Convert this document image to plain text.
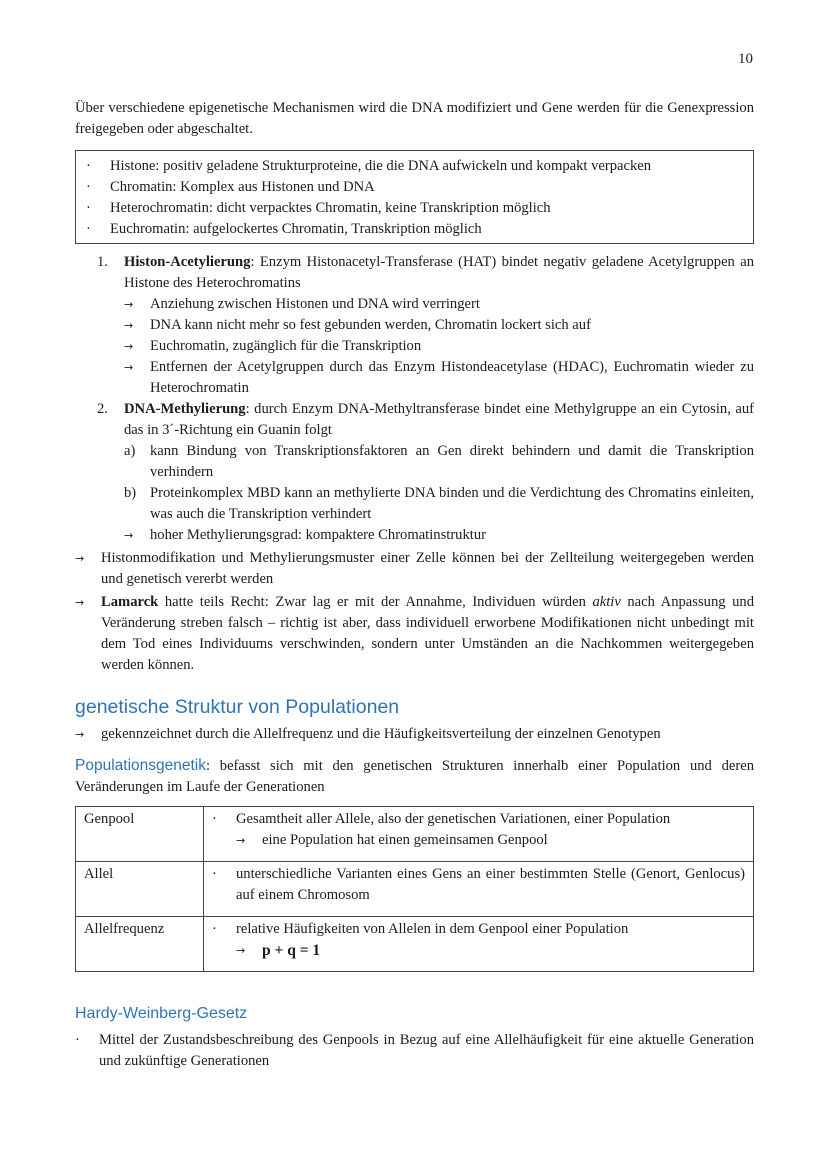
10

Über verschiedene epigenetische Mechanismen wird die DNA modifiziert und Gene werden für die Genexpression freigegeben oder abgeschaltet.

·	Histone: positiv geladene Strukturproteine, die die DNA aufwickeln und kompakt verpacken
·	Chromatin: Komplex aus Histonen und DNA
·	Heterochromatin: dicht verpacktes Chromatin, keine Transkription möglich
·	Euchromatin: aufgelockertes Chromatin, Transkription möglich
1.	Histon-Acetylierung: Enzym Histonacetyl-Transferase (HAT) bindet negativ geladene Acetylgruppen an Histone des Heterochromatins

→	Anziehung zwischen Histonen und DNA wird verringert

→	DNA kann nicht mehr so fest gebunden werden, Chromatin lockert sich auf

→	Euchromatin, zugänglich für die Transkription

→	Entfernen der Acetylgruppen durch das Enzym Histondeacetylase (HDAC), Euchromatin wieder zu Heterochromatin

2.	DNA-Methylierung: durch Enzym DNA-Methyltransferase bindet eine Methylgruppe an ein Cytosin, auf das in 3´-Richtung ein Guanin folgt

a)	kann Bindung von Transkriptionsfaktoren an Gen direkt behindern und damit die Transkription verhindern

b) Proteinkomplex MBD kann an methylierte DNA binden und die Verdichtung des Chromatins einleiten, was auch die Transkription verhindert

→	hoher Methylierungsgrad: kompaktere Chromatinstruktur

→	Histonmodifikation und Methylierungsmuster einer Zelle können bei der Zellteilung weitergegeben werden und genetisch vererbt werden

→	Lamarck hatte teils Recht: Zwar lag er mit der Annahme, Individuen würden aktiv nach Anpassung und Veränderung streben falsch – richtig ist aber, dass individuell erworbene Modifikationen nicht unbedingt mit dem Tod eines Individuums verschwinden, sondern unter Umständen an die Nachkommen weitergegeben werden können.

genetische Struktur von Populationen
→	gekennzeichnet durch die Allelfrequenz und die Häufigkeitsverteilung der einzelnen Genotypen

Populationsgenetik: befasst sich mit den genetischen Strukturen innerhalb einer Population und deren Veränderungen im Laufe der Generationen

Genpool	· Gesamtheit aller Allele, also der genetischen Variationen, einer Population
→ eine Population hat einen gemeinsamen Genpool

Allel	· unterschiedliche Varianten eines Gens an einer bestimmten Stelle (Genort, Genlocus) auf einem Chromosom

Allelfrequenz	· relative Häufigkeiten von Allelen in dem Genpool einer Population
→ p + q = 1
Hardy-Weinberg-Gesetz
·	Mittel der Zustandsbeschreibung des Genpools in Bezug auf eine Allelhäufigkeit für eine aktuelle Generation und zukünftige Generationen
